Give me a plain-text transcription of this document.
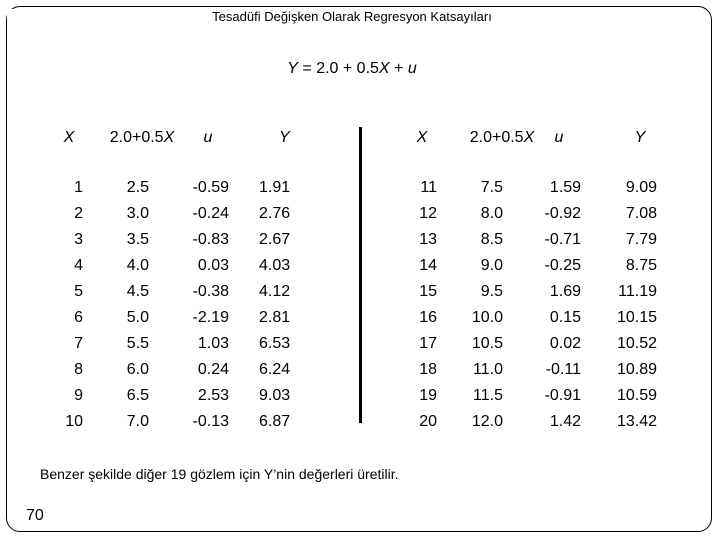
Tesadüfi Değişken Olarak Regresyon Katsayıları
Y = 2.0 + 0.5X + u
X
1
2
3
4
5
6
7
8
9
10
2.0+0.5X
2.5
3.0
3.5
4.0
4.5
5.0
5.5
6.0
6.5
7.0
u
-0.59
-0.24
-0.83
0.03
-0.38
-2.19
1.03
0.24
2.53
-0.13
Y
1.91
2.76
2.67
4.03
4.12
2.81
6.53
6.24
9.03
6.87
X
11
12
13
14
15
16
17
18
19
20
2.0+0.5X
7.5
8.0
8.5
9.0
9.5
10.0
10.5
11.0
11.5
12.0
u
1.59
-0.92
-0.71
-0.25
1.69
0.15
0.02
-0.11
-0.91
1.42
Y
9.09
7.08
7.79
8.75
11.19
10.15
10.52
10.89
10.59
13.42
Benzer şekilde diğer 19 gözlem için Y’nin değerleri üretilir.
70
